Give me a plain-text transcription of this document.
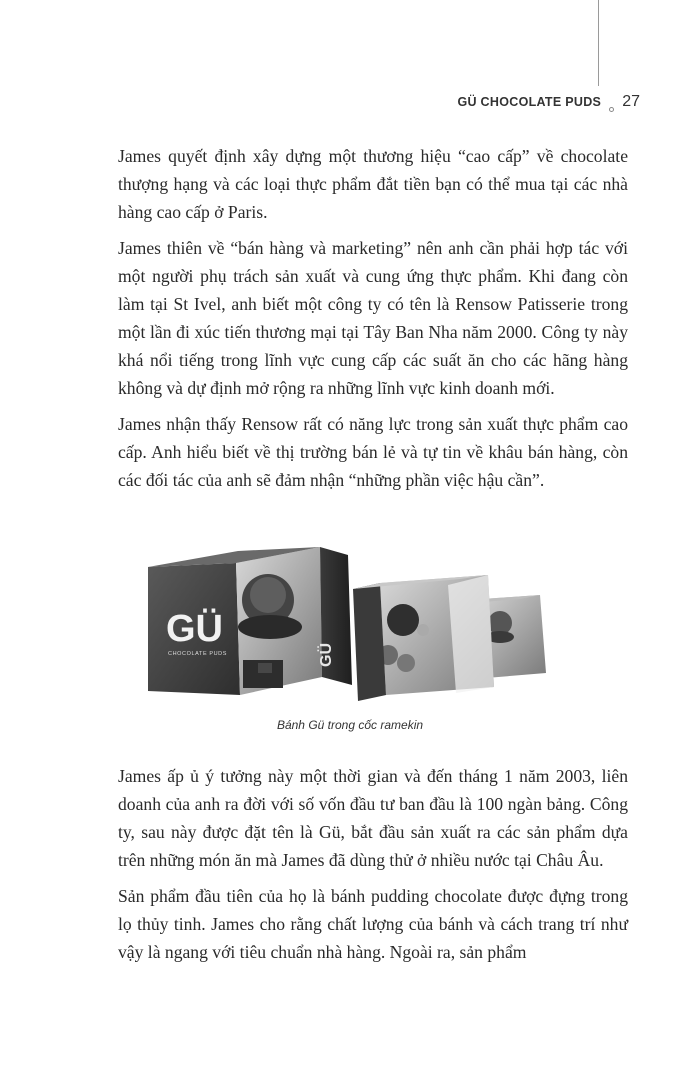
GÜ CHOCOLATE PUDS 27

James quyết định xây dựng một thương hiệu “cao cấp” về chocolate thượng hạng và các loại thực phẩm đắt tiền bạn có thể mua tại các nhà hàng cao cấp ở Paris.

James thiên về “bán hàng và marketing” nên anh cần phải hợp tác với một người phụ trách sản xuất và cung ứng thực phẩm. Khi đang còn làm tại St Ivel, anh biết một công ty có tên là Rensow Patisserie trong một lần đi xúc tiến thương mại tại Tây Ban Nha năm 2000. Công ty này khá nổi tiếng trong lĩnh vực cung cấp các suất ăn cho các hãng hàng không và dự định mở rộng ra những lĩnh vực kinh doanh mới.

James nhận thấy Rensow rất có năng lực trong sản xuất thực phẩm cao cấp. Anh hiểu biết về thị trường bán lẻ và tự tin về khâu bán hàng, còn các đối tác của anh sẽ đảm nhận “những phần việc hậu cần”.

GÜ
CHOCOLATE PUDS	GÜ
Bánh Gü trong cốc ramekin

James ấp ủ ý tưởng này một thời gian và đến tháng 1 năm 2003, liên doanh của anh ra đời với số vốn đầu tư ban đầu là 100 ngàn bảng. Công ty, sau này được đặt tên là Gü, bắt đầu sản xuất ra các sản phẩm dựa trên những món ăn mà James đã dùng thử ở nhiều nước tại Châu Âu.

Sản phẩm đầu tiên của họ là bánh pudding chocolate được đựng trong lọ thủy tinh. James cho rằng chất lượng của bánh và cách trang trí như vậy là ngang với tiêu chuẩn nhà hàng. Ngoài ra, sản phẩm
